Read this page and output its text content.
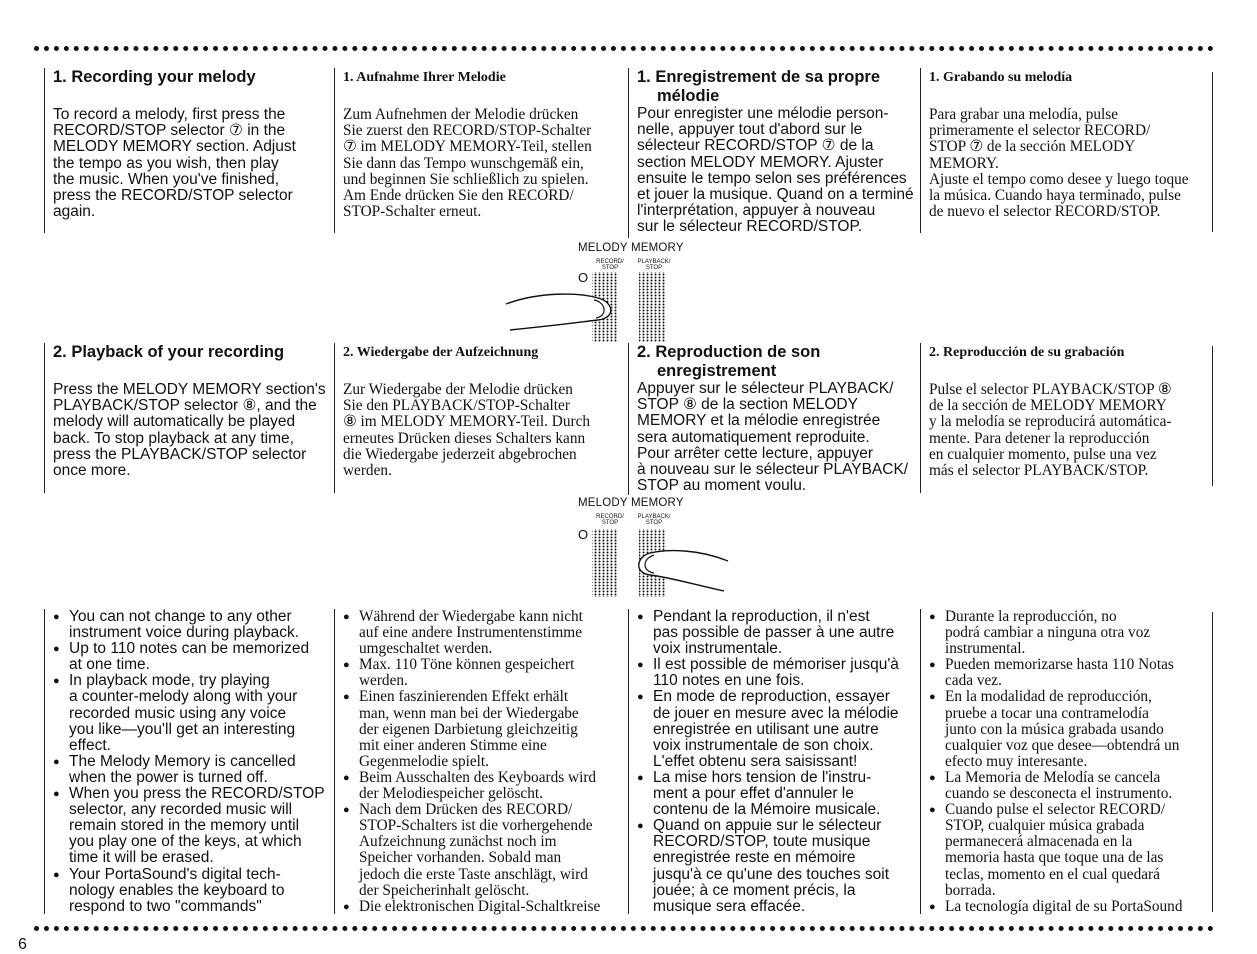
1. Recording your melody

To record a melody, first press the
RECORD/STOP selector ⑦ in the
MELODY MEMORY section. Adjust
the tempo as you wish, then play
the music. When you've finished,
press the RECORD/STOP selector
again.

1. Aufnahme Ihrer Melodie

Zum Aufnehmen der Melodie drücken
Sie zuerst den RECORD/STOP-Schalter
⑦ im MELODY MEMORY-Teil, stellen
Sie dann das Tempo wunschgemäß ein,
und beginnen Sie schließlich zu spielen.
Am Ende drücken Sie den RECORD/
STOP-Schalter erneut.

1. Enregistrement de sa propre
mélodie

Pour enregister une mélodie person-
nelle, appuyer tout d'abord sur le
sélecteur RECORD/STOP ⑦ de la
section MELODY MEMORY. Ajuster
ensuite le tempo selon ses préférences
et jouer la musique. Quand on a terminé
l'interprétation, appuyer à nouveau
sur le sélecteur RECORD/STOP.

1. Grabando su melodía

Para grabar una melodía, pulse
primeramente el selector RECORD/
STOP ⑦ de la sección MELODY
MEMORY.
Ajuste el tempo como desee y luego toque
la música. Cuando haya terminado, pulse
de nuevo el selector RECORD/STOP.

MELODY MEMORY
RECORD/
STOP
PLAYBACK/
STOP
O
2. Playback of your recording

Press the MELODY MEMORY section's
PLAYBACK/STOP selector ⑧, and the
melody will automatically be played
back. To stop playback at any time,
press the PLAYBACK/STOP selector
once more.

2. Wiedergabe der Aufzeichnung

Zur Wiedergabe der Melodie drücken
Sie den PLAYBACK/STOP-Schalter
⑧ im MELODY MEMORY-Teil. Durch
erneutes Drücken dieses Schalters kann
die Wiedergabe jederzeit abgebrochen
werden.

2. Reproduction de son
enregistrement

Appuyer sur le sélecteur PLAYBACK/
STOP ⑧ de la section MELODY
MEMORY et la mélodie enregistrée
sera automatiquement reproduite.
Pour arrêter cette lecture, appuyer
à nouveau sur le sélecteur PLAYBACK/
STOP au moment voulu.

2. Reproducción de su grabación

Pulse el selector PLAYBACK/STOP ⑧
de la sección de MELODY MEMORY
y la melodía se reproducirá automática-
mente. Para detener la reproducción
en cualquier momento, pulse una vez
más el selector PLAYBACK/STOP.

MELODY MEMORY
RECORD/
STOP
PLAYBACK/
STOP
O
● You can not change to any other
instrument voice during playback.
● Up to 110 notes can be memorized
at one time.
● In playback mode, try playing
a counter-melody along with your
recorded music using any voice
you like—you'll get an interesting
effect.
● The Melody Memory is cancelled
when the power is turned off.
● When you press the RECORD/STOP
selector, any recorded music will
remain stored in the memory until
you play one of the keys, at which
time it will be erased.
● Your PortaSound's digital tech-
nology enables the keyboard to
respond to two "commands"
● Während der Wiedergabe kann nicht
auf eine andere Instrumentenstimme
umgeschaltet werden.
● Max. 110 Töne können gespeichert
werden.
● Einen faszinierenden Effekt erhält
man, wenn man bei der Wiedergabe
der eigenen Darbietung gleichzeitig
mit einer anderen Stimme eine
Gegenmelodie spielt.
● Beim Ausschalten des Keyboards wird
der Melodiespeicher gelöscht.
● Nach dem Drücken des RECORD/
STOP-Schalters ist die vorhergehende
Aufzeichnung zunächst noch im
Speicher vorhanden. Sobald man
jedoch die erste Taste anschlägt, wird
der Speicherinhalt gelöscht.
● Die elektronischen Digital-Schaltkreise
● Pendant la reproduction, il n'est
pas possible de passer à une autre
voix instrumentale.
● Il est possible de mémoriser jusqu'à
110 notes en une fois.
● En mode de reproduction, essayer
de jouer en mesure avec la mélodie
enregistrée en utilisant une autre
voix instrumentale de son choix.
L'effet obtenu sera saisissant!
● La mise hors tension de l'instru-
ment a pour effet d'annuler le
contenu de la Mémoire musicale.
● Quand on appuie sur le sélecteur
RECORD/STOP, toute musique
enregistrée reste en mémoire
jusqu'à ce qu'une des touches soit
jouée; à ce moment précis, la
musique sera effacée.
● Durante la reproducción, no
podrá cambiar a ninguna otra voz
instrumental.
● Pueden memorizarse hasta 110 Notas
cada vez.
● En la modalidad de reproducción,
pruebe a tocar una contramelodía
junto con la música grabada usando
cualquier voz que desee—obtendrá un
efecto muy interesante.
● La Memoria de Melodía se cancela
cuando se desconecta el instrumento.
● Cuando pulse el selector RECORD/
STOP, cualquier música grabada
permanecerá almacenada en la
memoria hasta que toque una de las
teclas, momento en el cual quedará
borrada.
● La tecnología digital de su PortaSound
6
